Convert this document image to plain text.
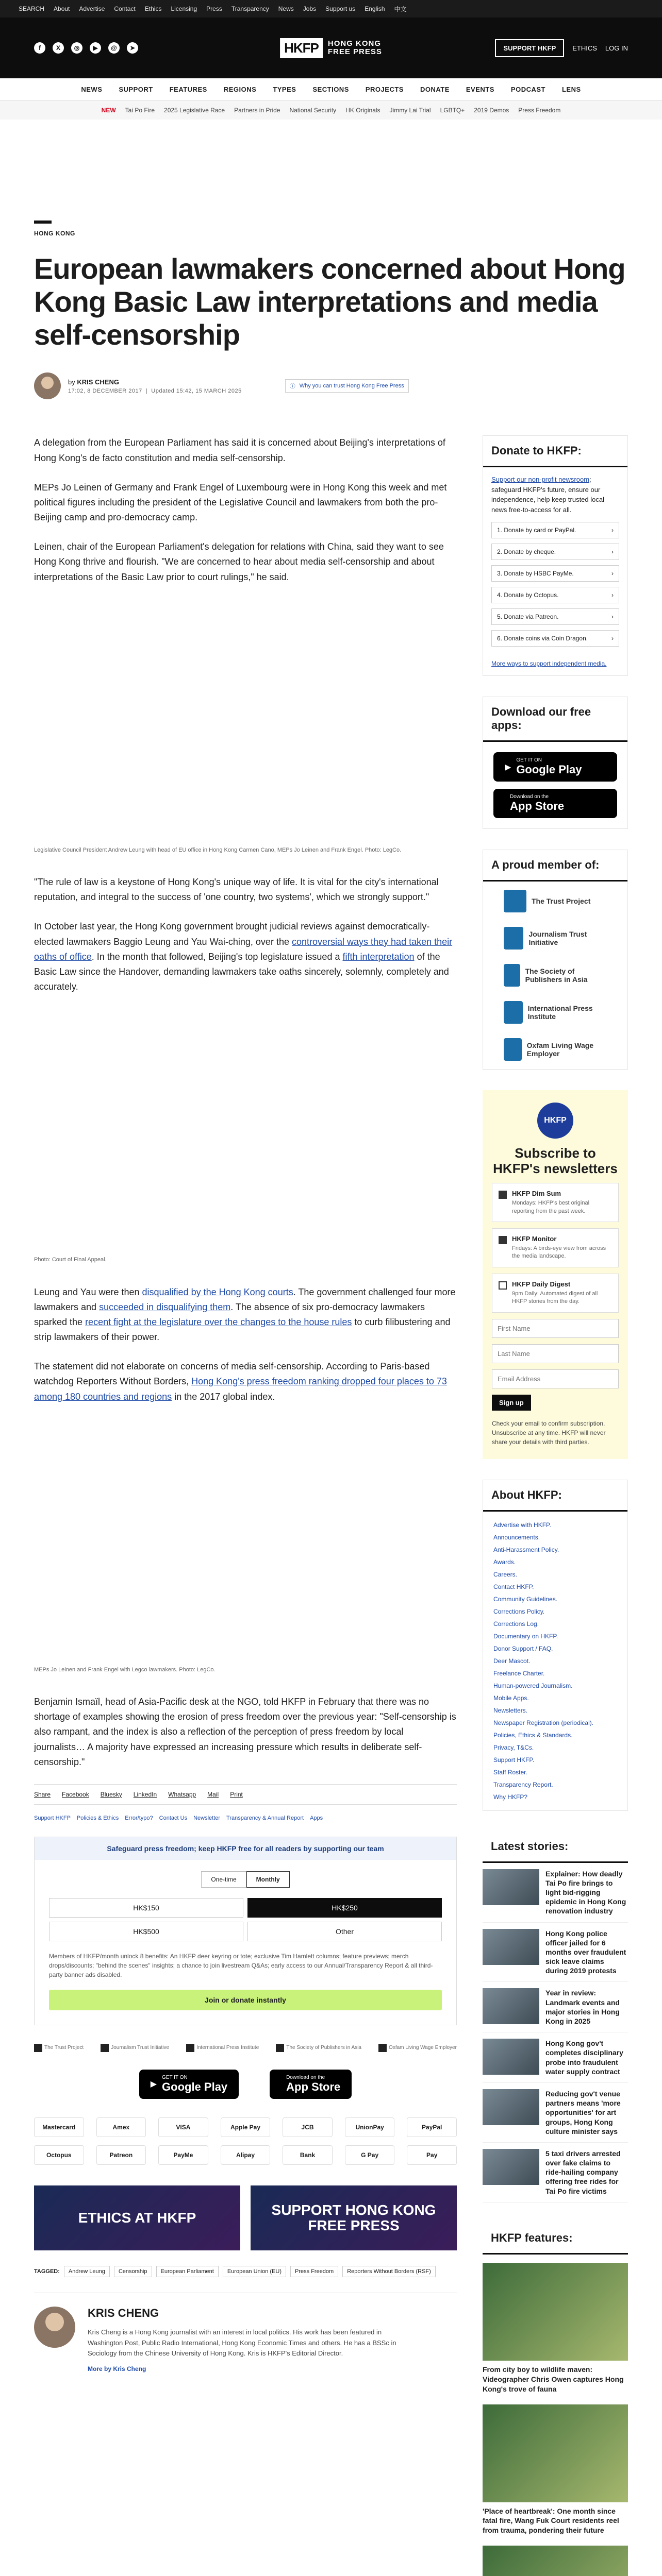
SEARCH About Advertise Contact Ethics Licensing Press Transparency News Jobs Support us English 中文
f	X	◎	▶	@	➤	HKFP	HONG KONG
FREE PRESS	SUPPORT HKFP	ETHICS LOG IN
NEWS SUPPORT FEATURES REGIONS TYPES SECTIONS PROJECTS DONATE EVENTS PODCAST LENS
NEW Tai Po Fire 2025 Legislative Race Partners in Pride National Security HK Originals Jimmy Lai Trial LGBTQ+ 2019 Demos Press Freedom
HONG KONG
European lawmakers concerned about Hong Kong Basic Law interpretations and media self-censorship
by KRIS CHENG
17:02, 8 DECEMBER 2017  |  Updated 15:42, 15 MARCH 2025
ⓘ Why you can trust Hong Kong Free Press

A delegation from the European Parliament has said it is concerned about Beijing's interpretations of Hong Kong's de facto constitution and media self-censorship.

MEPs Jo Leinen of Germany and Frank Engel of Luxembourg were in Hong Kong this week and met political figures including the president of the Legislative Council and lawmakers from both the pro-Beijing camp and pro-democracy camp.

Leinen, chair of the European Parliament's delegation for relations with China, said they want to see Hong Kong thrive and flourish. "We are concerned to hear about media self-censorship and about interpretations of the Basic Law prior to court rulings," he said.

Legislative Council President Andrew Leung with head of EU office in Hong Kong Carmen Cano, MEPs Jo Leinen and Frank Engel. Photo: LegCo.

"The rule of law is a keystone of Hong Kong's unique way of life. It is vital for the city's international reputation, and integral to the success of 'one country, two systems', which we strongly support."

In October last year, the Hong Kong government brought judicial reviews against democratically-elected lawmakers Baggio Leung and Yau Wai-ching, over the controversial ways they had taken their oaths of office. In the month that followed, Beijing's top legislature issued a fifth interpretation of the Basic Law since the Handover, demanding lawmakers take oaths sincerely, solemnly, completely and accurately.

Photo: Court of Final Appeal.

Leung and Yau were then disqualified by the Hong Kong courts. The government challenged four more lawmakers and succeeded in disqualifying them. The absence of six pro-democracy lawmakers sparked the recent fight at the legislature over the changes to the house rules to curb filibustering and strip lawmakers of their power.

The statement did not elaborate on concerns of media self-censorship. According to Paris-based watchdog Reporters Without Borders, Hong Kong's press freedom ranking dropped four places to 73 among 180 countries and regions in the 2017 global index.

MEPs Jo Leinen and Frank Engel with Legco lawmakers. Photo: LegCo.

Benjamin Ismaïl, head of Asia-Pacific desk at the NGO, told HKFP in February that there was no shortage of examples showing the erosion of press freedom over the previous year: "Self-censorship is also rampant, and the index is also a reflection of the perception of press freedom by local journalists… A majority have expressed an increasing pressure which results in deliberate self-censorship."

Share Facebook Bluesky LinkedIn Whatsapp Mail Print
Support HKFP Policies & Ethics Error/typo? Contact Us Newsletter Transparency & Annual Report Apps
Safeguard press freedom; keep HKFP free for all readers by supporting our team
One-time	Monthly
HK$150	HK$250
HK$500	Other
Members of HKFP/month unlock 8 benefits: An HKFP deer keyring or tote; exclusive Tim Hamlett columns; feature previews; merch drops/discounts; "behind the scenes" insights; a chance to join livestream Q&As; early access to our Annual/Transparency Report & all third-party banner ads disabled.
Join or donate instantly
The Trust Project	Journalism Trust Initiative	International Press Institute	The Society of Publishers in Asia	Oxfam Living Wage Employer
▶
GET IT ON
Google Play
Download on the
App Store
Mastercard	Amex	VISA	Apple Pay	JCB	UnionPay	PayPal
Octopus	Patreon	PayMe	Alipay	Bank	G Pay	Pay
ETHICS AT HKFP	SUPPORT HONG KONG FREE PRESS
TAGGED:	Andrew Leung	Censorship	European Parliament	European Union (EU)	Press Freedom	Reporters Without Borders (RSF)
KRIS CHENG
Kris Cheng is a Hong Kong journalist with an interest in local politics. His work has been featured in Washington Post, Public Radio International, Hong Kong Economic Times and others. He has a BSSc in Sociology from the Chinese University of Hong Kong. Kris is HKFP's Editorial Director.
More by Kris Cheng
Donate to HKFP:
Support our non-profit newsroom; safeguard HKFP's future, ensure our independence, help keep trusted local news free-to-access for all.
1. Donate by card or PayPal.	›
2. Donate by cheque.	›
3. Donate by HSBC PayMe.	›
4. Donate by Octopus.	›
5. Donate via Patreon.	›
6. Donate coins via Coin Dragon.	›
More ways to support independent media.
Download our free apps:
▶
GET IT ON
Google Play
Download on the
App Store
A proud member of:
The Trust Project
Journalism Trust Initiative
The Society of Publishers in Asia
International Press Institute
Oxfam Living Wage Employer
HKFP
Subscribe to HKFP's newsletters
HKFP Dim Sum
Mondays: HKFP's best original reporting from the past week.
HKFP Monitor
Fridays: A birds-eye view from across the media landscape.
HKFP Daily Digest
9pm Daily: Automated digest of all HKFP stories from the day.
First Name Last Name Email Address Sign up
Check your email to confirm subscription. Unsubscribe at any time. HKFP will never share your details with third parties.
About HKFP:
Advertise with HKFP.
Announcements.
Anti-Harassment Policy.
Awards.
Careers.
Contact HKFP.
Community Guidelines.
Corrections Policy.
Corrections Log.
Documentary on HKFP.
Donor Support / FAQ.
Deer Mascot.
Freelance Charter.
Human-powered Journalism.
Mobile Apps.
Newsletters.
Newspaper Registration (periodical).
Policies, Ethics & Standards.
Privacy, T&Cs.
Support HKFP.
Staff Roster.
Transparency Report.
Why HKFP?
Latest stories:
Explainer: How deadly Tai Po fire brings to light bid-rigging epidemic in Hong Kong renovation industry
Hong Kong police officer jailed for 6 months over fraudulent sick leave claims during 2019 protests
Year in review: Landmark events and major stories in Hong Kong in 2025
Hong Kong gov't completes disciplinary probe into fraudulent water supply contract
Reducing gov't venue partners means 'more opportunities' for art groups, Hong Kong culture minister says
5 taxi drivers arrested over fake claims to ride-hailing company offering free rides for Tai Po fire victims
HKFP features:
From city boy to wildlife maven: Videographer Chris Owen captures Hong Kong's trove of fauna
'Place of heartbreak': One month since fatal fire, Wang Fuk Court residents reel from trauma, pondering their future
